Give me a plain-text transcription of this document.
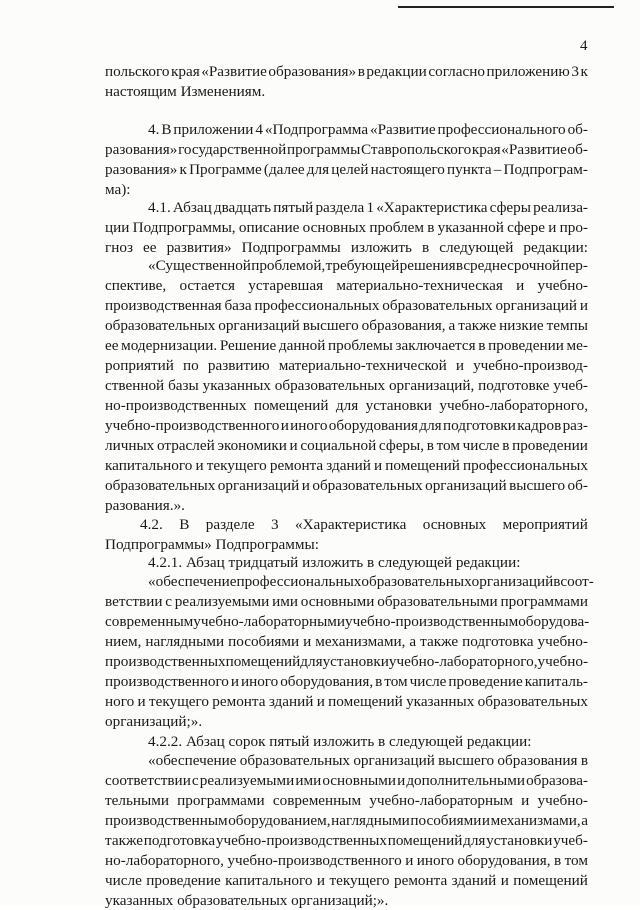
4
польского края «Развитие образования» в редакции согласно приложению 3 к
настоящим Изменениям.
4. В приложении 4 «Подпрограмма «Развитие профессионального об-
разования» государственной программы Ставропольского края «Развитие об-
разования» к Программе (далее для целей настоящего пункта – Подпрограм-
ма):
4.1. Абзац двадцать пятый раздела 1 «Характеристика сферы реализа-
ции Подпрограммы, описание основных проблем в указанной сфере и про-
гноз ее развития» Подпрограммы изложить в следующей редакции:
«Существенной проблемой, требующей решения в среднесрочной пер-
спективе, остается устаревшая материально-техническая и учебно-
производственная база профессиональных образовательных организаций и
образовательных организаций высшего образования, а также низкие темпы
ее модернизации. Решение данной проблемы заключается в проведении ме-
роприятий по развитию материально-технической и учебно-производ-
ственной базы указанных образовательных организаций, подготовке учеб-
но-производственных помещений для установки учебно-лабораторного,
учебно-производственного и иного оборудования для подготовки кадров раз-
личных отраслей экономики и социальной сферы, в том числе в проведении
капитального и текущего ремонта зданий и помещений профессиональных
образовательных организаций и образовательных организаций высшего об-
разования.».
4.2. В разделе 3 «Характеристика основных мероприятий
Подпрограммы» Подпрограммы:
4.2.1. Абзац тридцатый изложить в следующей редакции:
«обеспечение профессиональных образовательных организаций в соот-
ветствии с реализуемыми ими основными образовательными программами
современным учебно-лабораторным и учебно-производственным оборудова-
нием, наглядными пособиями и механизмами, а также подготовка учебно-
производственных помещений для установки учебно-лабораторного, учебно-
производственного и иного оборудования, в том числе проведение капиталь-
ного и текущего ремонта зданий и помещений указанных образовательных
организаций;».
4.2.2. Абзац сорок пятый изложить в следующей редакции:
«обеспечение образовательных организаций высшего образования в
соответствии с реализуемыми ими основными и дополнительными образова-
тельными программами современным учебно-лабораторным и учебно-
производственным оборудованием, наглядными пособиями и механизмами, а
также подготовка учебно-производственных помещений для установки учеб-
но-лабораторного, учебно-производственного и иного оборудования, в том
числе проведение капитального и текущего ремонта зданий и помещений
указанных образовательных организаций;».
